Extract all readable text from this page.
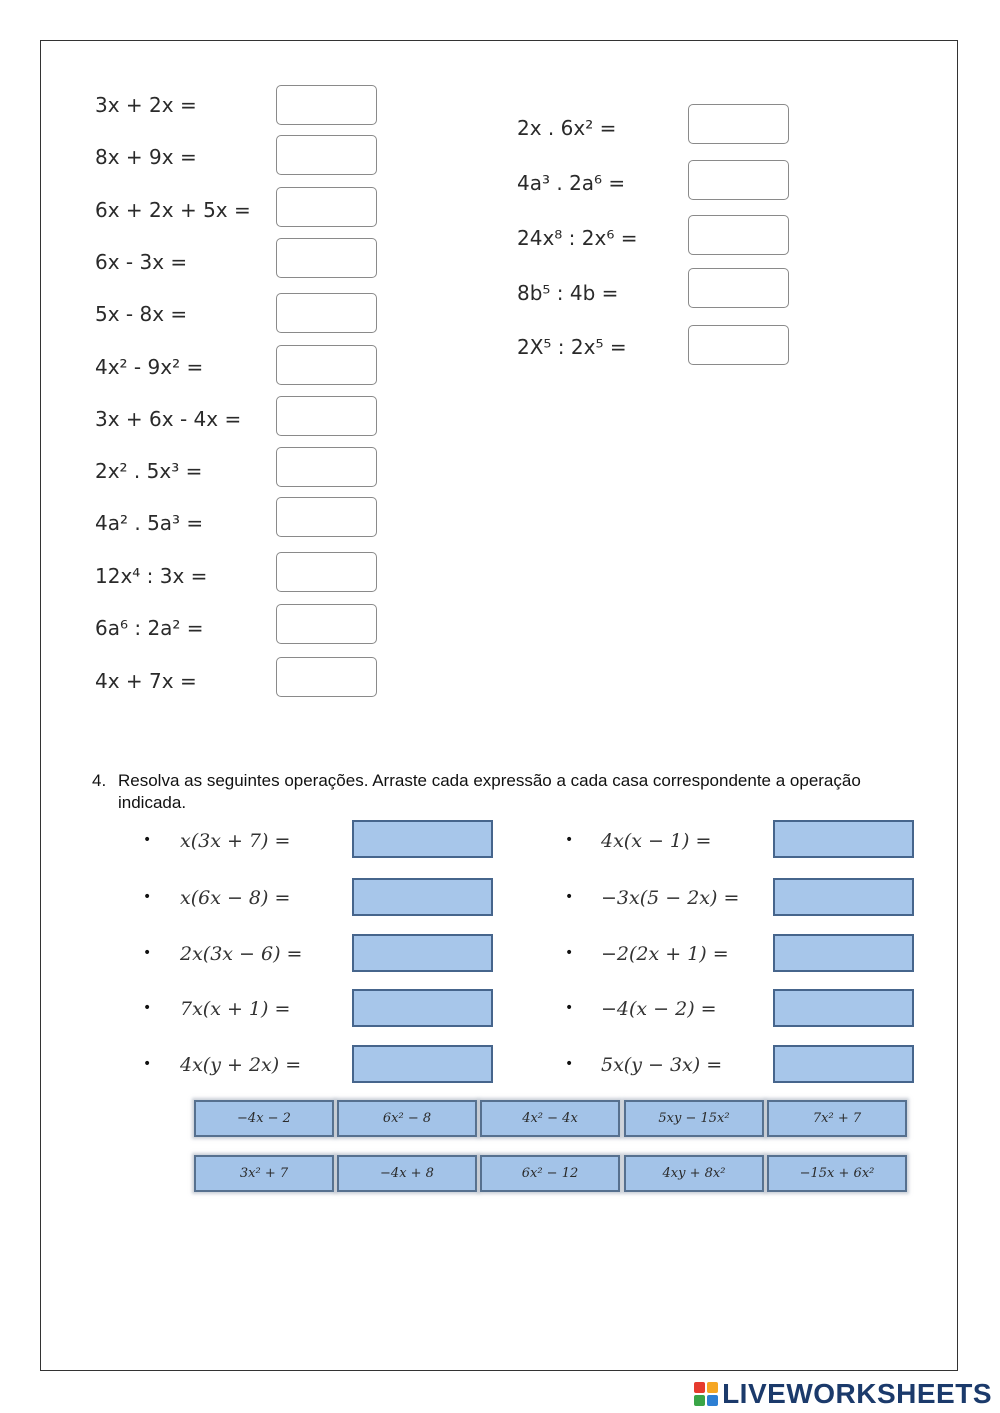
3x + 2x =
8x + 9x =
6x + 2x + 5x =
6x - 3x =
5x - 8x =
4x² - 9x² =
3x + 6x - 4x =
2x² . 5x³ =
4a² . 5a³ =
12x⁴ : 3x =
6a⁶ : 2a² =
4x + 7x =
2x . 6x² =
4a³ . 2a⁶ =
24x⁸ : 2x⁶ =
8b⁵ : 4b =
2X⁵ : 2x⁵ =
4. Resolva as seguintes operações. Arraste cada expressão a cada casa correspondente a operação indicada.
• x(3x + 7) =
• x(6x − 8) =
• 2x(3x − 6) =
• 7x(x + 1) =
• 4x(y + 2x) =
• 4x(x − 1) =
• −3x(5 − 2x) =
• −2(2x + 1) =
• −4(x − 2) =
• 5x(y − 3x) =
−4x − 2	6x² − 8	4x² − 4x	5xy − 15x²	7x² + 7
3x² + 7	−4x + 8	6x² − 12	4xy + 8x²	−15x + 6x²
LIVEWORKSHEETS
